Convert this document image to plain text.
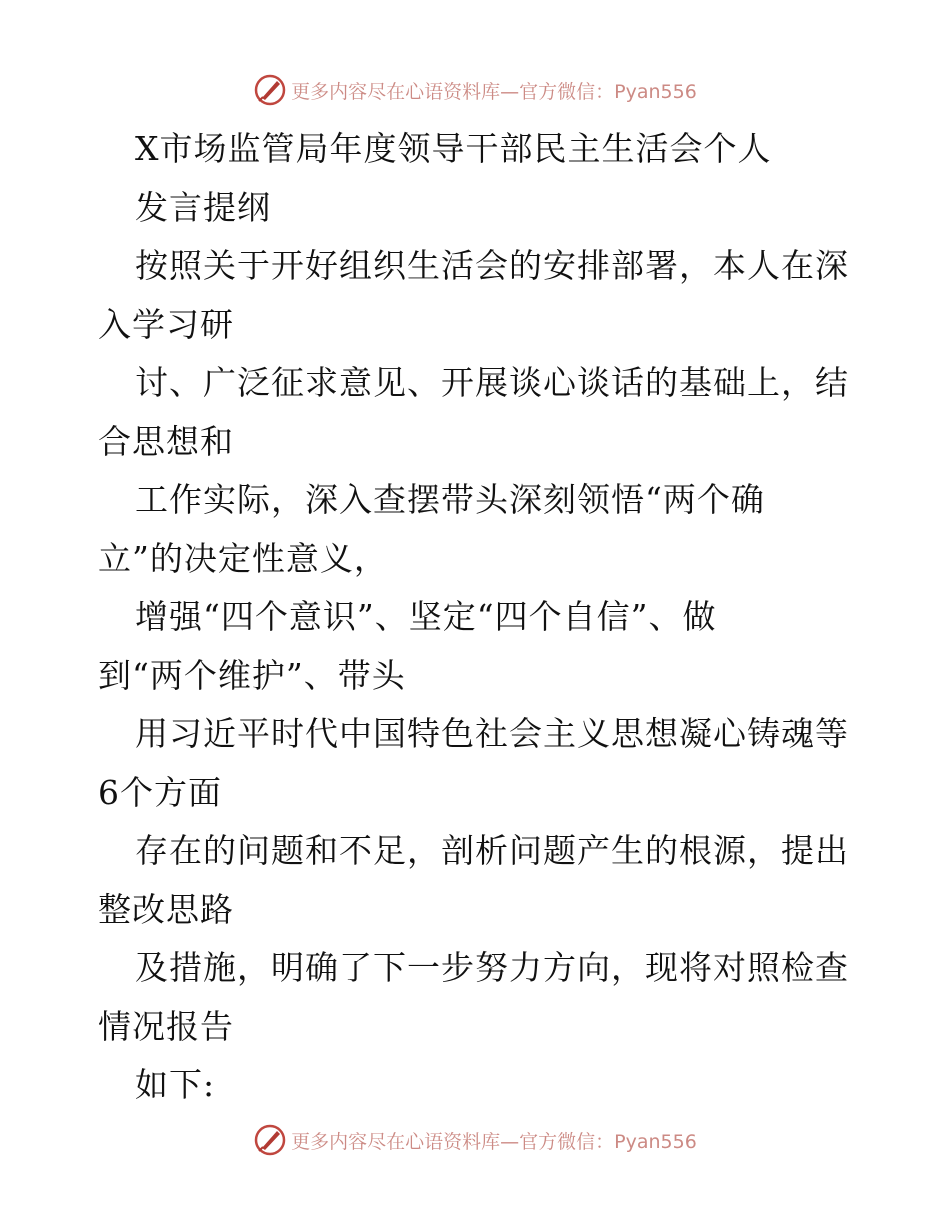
更多内容尽在心语资料库—官方微信：Pyan556
X市场监管局年度领导干部民主生活会个人
发言提纲
按照关于开好组织生活会的安排部署，本人在深
入学习研
讨、广泛征求意见、开展谈心谈话的基础上，结
合思想和
工作实际，深入查摆带头深刻领悟“两个确
立”的决定性意义，
增强“四个意识”、坚定“四个自信”、做
到“两个维护”、带头
用习近平时代中国特色社会主义思想凝心铸魂等
6个方面
存在的问题和不足，剖析问题产生的根源，提出
整改思路
及措施，明确了下一步努力方向，现将对照检查
情况报告
如下:
更多内容尽在心语资料库—官方微信：Pyan556
